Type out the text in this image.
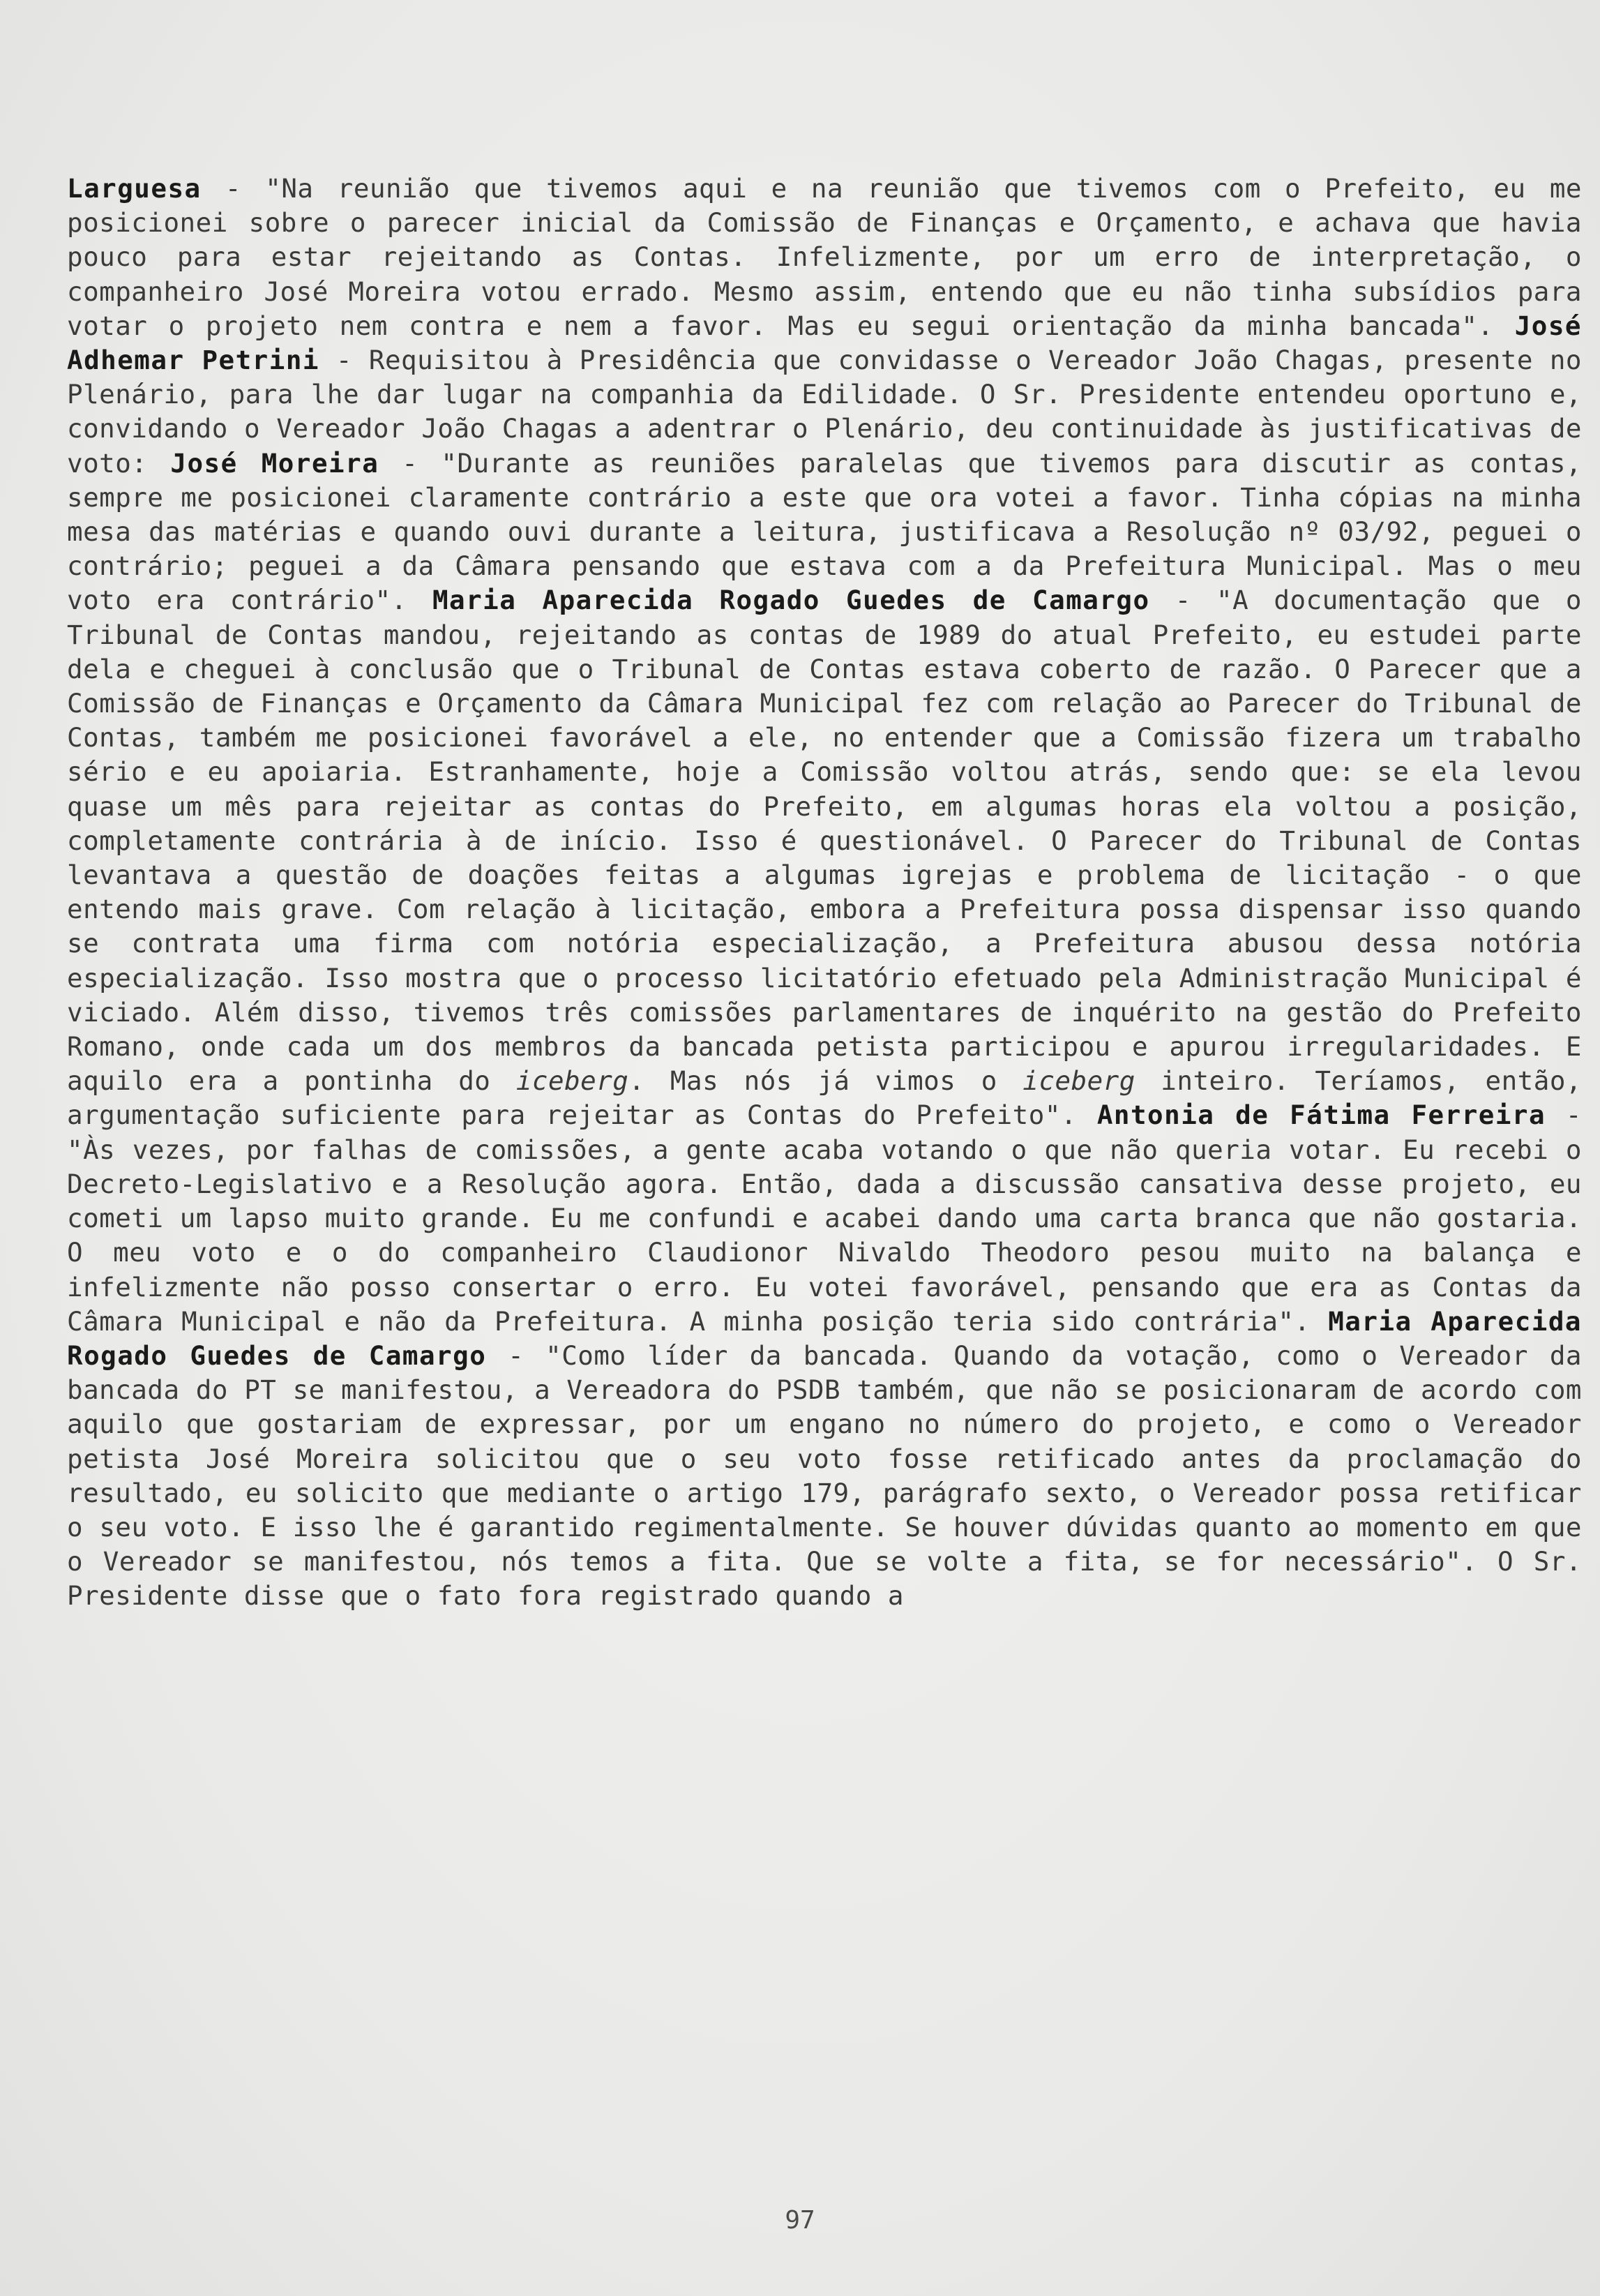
Larguesa - "Na reunião que tivemos aqui e na reunião que tivemos com o Prefeito, eu me posicionei sobre o parecer inicial da Comissão de Finanças e Orçamento, e achava que havia pouco para estar rejeitando as Contas. Infelizmente, por um erro de interpretação, o companheiro José Moreira votou errado. Mesmo assim, entendo que eu não tinha subsídios para votar o projeto nem contra e nem a favor. Mas eu segui orientação da minha bancada". José Adhemar Petrini - Requisitou à Presidência que convidasse o Vereador João Chagas, presente no Plenário, para lhe dar lugar na companhia da Edilidade. O Sr. Presidente entendeu oportuno e, convidando o Vereador João Chagas a adentrar o Plenário, deu continuidade às justificativas de voto: José Moreira - "Durante as reuniões paralelas que tivemos para discutir as contas, sempre me posicionei claramente contrário a este que ora votei a favor. Tinha cópias na minha mesa das matérias e quando ouvi durante a leitura, justificava a Resolução nº 03/92, peguei o contrário; peguei a da Câmara pensando que estava com a da Prefeitura Municipal. Mas o meu voto era contrário". Maria Aparecida Rogado Guedes de Camargo - "A documentação que o Tribunal de Contas mandou, rejeitando as contas de 1989 do atual Prefeito, eu estudei parte dela e cheguei à conclusão que o Tribunal de Contas estava coberto de razão. O Parecer que a Comissão de Finanças e Orçamento da Câmara Municipal fez com relação ao Parecer do Tribunal de Contas, também me posicionei favorável a ele, no entender que a Comissão fizera um trabalho sério e eu apoiaria. Estranhamente, hoje a Comissão voltou atrás, sendo que: se ela levou quase um mês para rejeitar as contas do Prefeito, em algumas horas ela voltou a posição, completamente contrária à de início. Isso é questionável. O Parecer do Tribunal de Contas levantava a questão de doações feitas a algumas igrejas e problema de licitação - o que entendo mais grave. Com relação à licitação, embora a Prefeitura possa dispensar isso quando se contrata uma firma com notória especialização, a Prefeitura abusou dessa notória especialização. Isso mostra que o processo licitatório efetuado pela Administração Municipal é viciado. Além disso, tivemos três comissões parlamentares de inquérito na gestão do Prefeito Romano, onde cada um dos membros da bancada petista participou e apurou irregularidades. E aquilo era a pontinha do iceberg. Mas nós já vimos o iceberg inteiro. Teríamos, então, argumentação suficiente para rejeitar as Contas do Prefeito". Antonia de Fátima Ferreira - "Às vezes, por falhas de comissões, a gente acaba votando o que não queria votar. Eu recebi o Decreto-Legislativo e a Resolução agora. Então, dada a discussão cansativa desse projeto, eu cometi um lapso muito grande. Eu me confundi e acabei dando uma carta branca que não gostaria. O meu voto e o do companheiro Claudionor Nivaldo Theodoro pesou muito na balança e infelizmente não posso consertar o erro. Eu votei favorável, pensando que era as Contas da Câmara Municipal e não da Prefeitura. A minha posição teria sido contrária". Maria Aparecida Rogado Guedes de Camargo - "Como líder da bancada. Quando da votação, como o Vereador da bancada do PT se manifestou, a Vereadora do PSDB também, que não se posicionaram de acordo com aquilo que gostariam de expressar, por um engano no número do projeto, e como o Vereador petista José Moreira solicitou que o seu voto fosse retificado antes da proclamação do resultado, eu solicito que mediante o artigo 179, parágrafo sexto, o Vereador possa retificar o seu voto. E isso lhe é garantido regimentalmente. Se houver dúvidas quanto ao momento em que o Vereador se manifestou, nós temos a fita. Que se volte a fita, se for necessário". O Sr. Presidente disse que o fato fora registrado quando a

97
